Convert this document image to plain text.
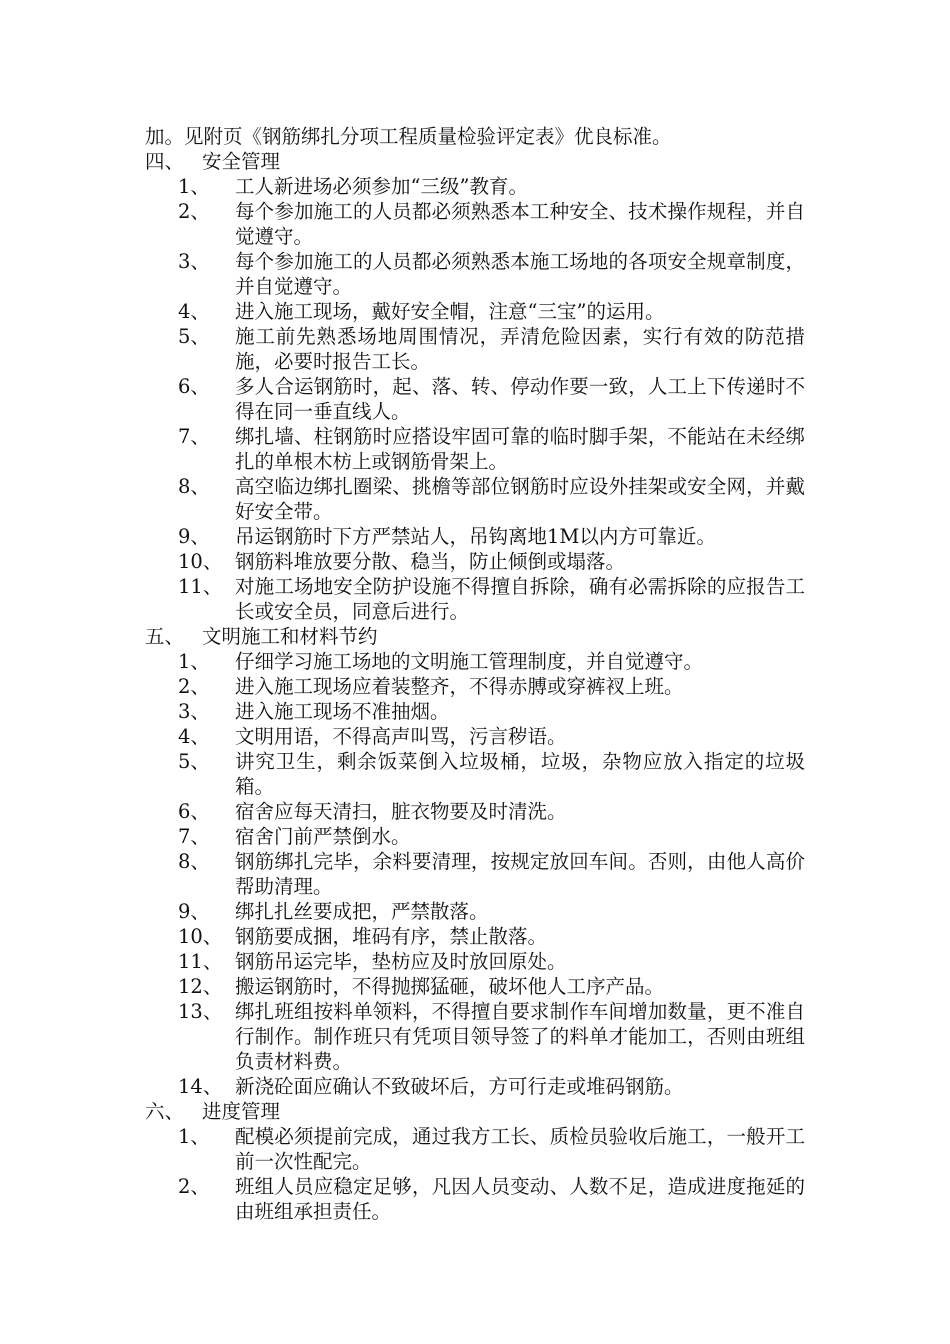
加。见附页《钢筋绑扎分项工程质量检验评定表》优良标准。
四、 安全管理
1、	工人新进场必须参加“三级”教育。
2、	每个参加施工的人员都必须熟悉本工种安全、技术操作规程，并自觉遵守。
3、	每个参加施工的人员都必须熟悉本施工场地的各项安全规章制度，并自觉遵守。
4、	进入施工现场，戴好安全帽，注意“三宝”的运用。
5、	施工前先熟悉场地周围情况，弄清危险因素，实行有效的防范措施，必要时报告工长。
6、	多人合运钢筋时，起、落、转、停动作要一致，人工上下传递时不得在同一垂直线人。
7、	绑扎墙、柱钢筋时应搭设牢固可靠的临时脚手架，不能站在未经绑扎的单根木枋上或钢筋骨架上。
8、	高空临边绑扎圈梁、挑檐等部位钢筋时应设外挂架或安全网，并戴好安全带。
9、	吊运钢筋时下方严禁站人，吊钩离地1M以内方可靠近。
10、 钢筋料堆放要分散、稳当，防止倾倒或塌落。
11、 对施工场地安全防护设施不得擅自拆除，确有必需拆除的应报告工长或安全员，同意后进行。
五、 文明施工和材料节约
1、	仔细学习施工场地的文明施工管理制度，并自觉遵守。
2、	进入施工现场应着装整齐，不得赤膊或穿裤衩上班。
3、	进入施工现场不准抽烟。
4、	文明用语，不得高声叫骂，污言秽语。
5、	讲究卫生，剩余饭菜倒入垃圾桶，垃圾，杂物应放入指定的垃圾箱。
6、	宿舍应每天清扫，脏衣物要及时清洗。
7、	宿舍门前严禁倒水。
8、	钢筋绑扎完毕，余料要清理，按规定放回车间。否则，由他人高价帮助清理。
9、	绑扎扎丝要成把，严禁散落。
10、 钢筋要成捆，堆码有序，禁止散落。
11、 钢筋吊运完毕，垫枋应及时放回原处。
12、 搬运钢筋时，不得抛掷猛砸，破坏他人工序产品。
13、 绑扎班组按料单领料，不得擅自要求制作车间增加数量，更不准自行制作。制作班只有凭项目领导签了的料单才能加工，否则由班组负责材料费。
14、 新浇砼面应确认不致破坏后，方可行走或堆码钢筋。
六、 进度管理
1、	配模必须提前完成，通过我方工长、质检员验收后施工，一般开工前一次性配完。
2、	班组人员应稳定足够，凡因人员变动、人数不足，造成进度拖延的由班组承担责任。
